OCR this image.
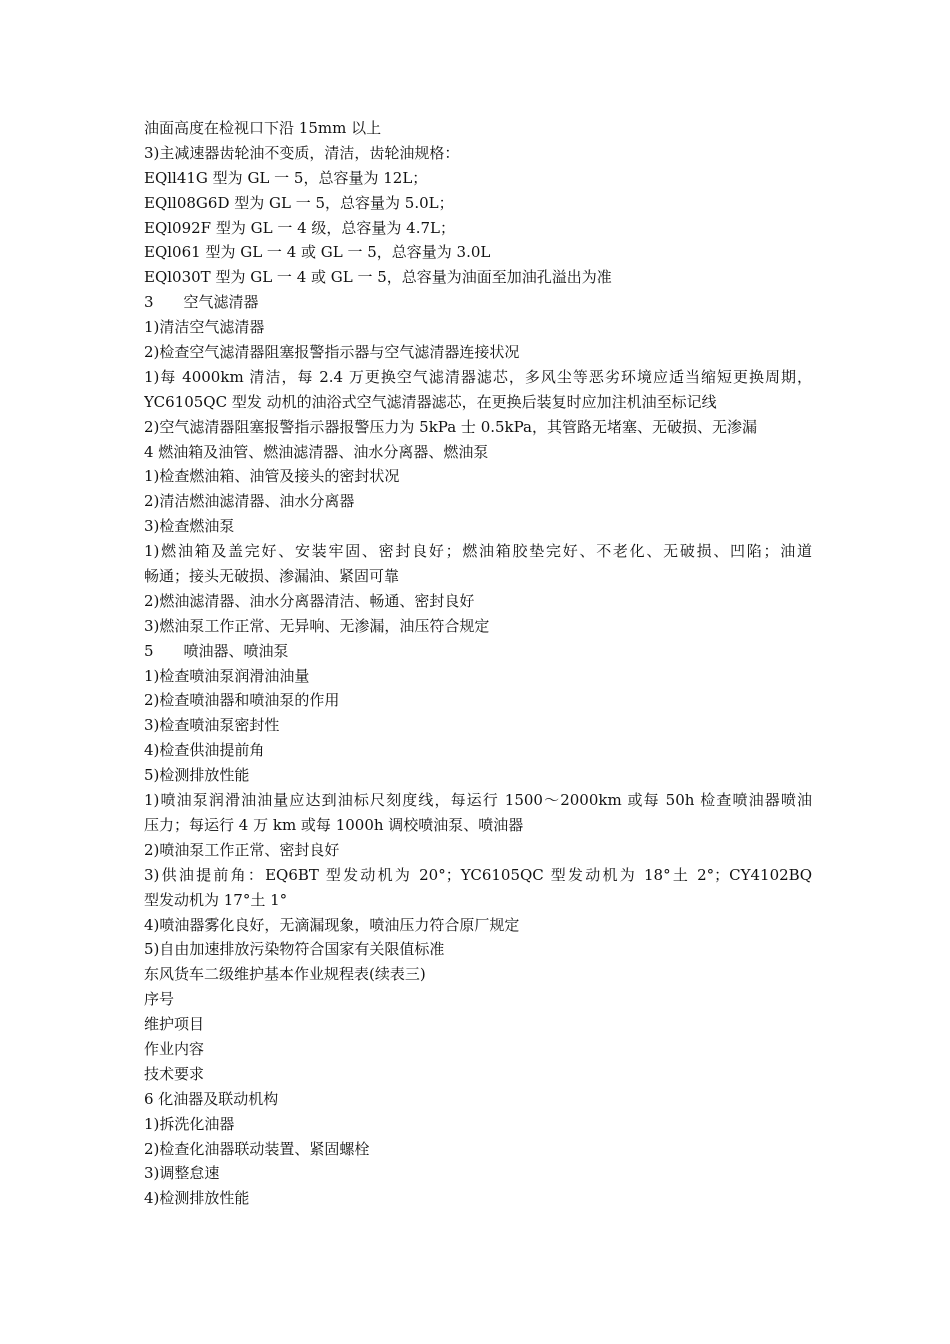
油面高度在检视口下沿 15mm 以上
3)主减速器齿轮油不变质，清洁，齿轮油规格：
EQll41G 型为 GL 一 5，总容量为 12L；
EQll08G6D 型为 GL 一 5，总容量为 5.0L；
EQl092F 型为 GL 一 4 级，总容量为 4.7L；
EQl061 型为 GL 一 4 或 GL 一 5，总容量为 3.0L
EQl030T 型为 GL 一 4 或 GL 一 5，总容量为油面至加油孔溢出为准
3　　空气滤清器
1)清洁空气滤清器
2)检查空气滤清器阻塞报警指示器与空气滤清器连接状况
1)每 4000km 清洁，每 2.4 万更换空气滤清器滤芯，多风尘等恶劣环境应适当缩短更换周期，
YC6105QC 型发 动机的油浴式空气滤清器滤芯，在更换后装复时应加注机油至标记线
2)空气滤清器阻塞报警指示器报警压力为 5kPa 士 0.5kPa，其管路无堵塞、无破损、无渗漏
4 燃油箱及油管、燃油滤清器、油水分离器、燃油泵
1)检查燃油箱、油管及接头的密封状况
2)清洁燃油滤清器、油水分离器
3)检查燃油泵
1)燃油箱及盖完好、安装牢固、密封良好；燃油箱胶垫完好、不老化、无破损、凹陷；油道
畅通；接头无破损、渗漏油、紧固可靠
2)燃油滤清器、油水分离器清洁、畅通、密封良好
3)燃油泵工作正常、无异响、无渗漏，油压符合规定
5　　喷油器、喷油泵
1)检查喷油泵润滑油油量
2)检查喷油器和喷油泵的作用
3)检查喷油泵密封性
4)检查供油提前角
5)检测排放性能
1)喷油泵润滑油油量应达到油标尺刻度线，每运行 1500～2000km 或每 50h 检查喷油器喷油
压力；每运行 4 万 km 或每 1000h 调校喷油泵、喷油器
2)喷油泵工作正常、密封良好
3)供油提前角：EQ6BT 型发动机为 20°；YC6105QC 型发动机为 18°土 2°；CY4102BQ
型发动机为 17°土 1°
4)喷油器雾化良好，无滴漏现象，喷油压力符合原厂规定
5)自由加速排放污染物符合国家有关限值标准
东风货车二级维护基本作业规程表(续表三)
序号
维护项目
作业内容
技术要求
6 化油器及联动机构
1)拆洗化油器
2)检查化油器联动装置、紧固螺栓
3)调整怠速
4)检测排放性能
